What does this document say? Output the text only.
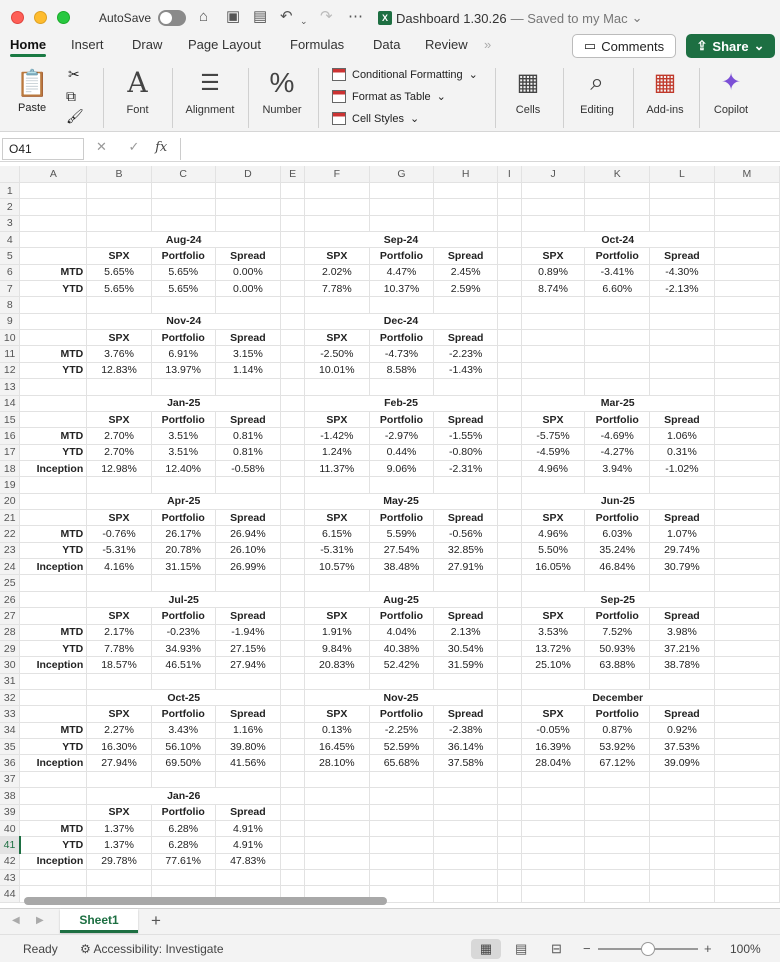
AutoSave	⌂ ▣ ▤ ↶ ⌄ ↷ ⋯	X Dashboard 1.30.26 — Saved to my Mac ⌄
Home Insert Draw Page Layout Formulas Data Review »	▭ Comments ⇪ Share ⌄
📋 ✂
⧉
🖌
Paste
A
Font
☰
Alignment
%
Number
Conditional Formatting ⌄
Format as Table ⌄
Cell Styles ⌄
▦
Cells
⌕
Editing
▦
Add-ins
✦
Copilot
O41	✕ ✓ fx
	A	B	C	D	E	F	G	H	I	J	K	L	M
1													
2													
3													
4		Aug-24				Sep-24				Oct-24			
5		SPX	Portfolio	Spread		SPX	Portfolio	Spread		SPX	Portfolio	Spread	
6	MTD	5.65%	5.65%	0.00%		2.02%	4.47%	2.45%		0.89%	-3.41%	-4.30%	
7	YTD	5.65%	5.65%	0.00%		7.78%	10.37%	2.59%		8.74%	6.60%	-2.13%	
8													
9		Nov-24				Dec-24							
10		SPX	Portfolio	Spread		SPX	Portfolio	Spread					
11	MTD	3.76%	6.91%	3.15%		-2.50%	-4.73%	-2.23%					
12	YTD	12.83%	13.97%	1.14%		10.01%	8.58%	-1.43%					
13													
14		Jan-25				Feb-25				Mar-25			
15		SPX	Portfolio	Spread		SPX	Portfolio	Spread		SPX	Portfolio	Spread	
16	MTD	2.70%	3.51%	0.81%		-1.42%	-2.97%	-1.55%		-5.75%	-4.69%	1.06%	
17	YTD	2.70%	3.51%	0.81%		1.24%	0.44%	-0.80%		-4.59%	-4.27%	0.31%	
18	Inception	12.98%	12.40%	-0.58%		11.37%	9.06%	-2.31%		4.96%	3.94%	-1.02%	
19													
20		Apr-25				May-25				Jun-25			
21		SPX	Portfolio	Spread		SPX	Portfolio	Spread		SPX	Portfolio	Spread	
22	MTD	-0.76%	26.17%	26.94%		6.15%	5.59%	-0.56%		4.96%	6.03%	1.07%	
23	YTD	-5.31%	20.78%	26.10%		-5.31%	27.54%	32.85%		5.50%	35.24%	29.74%	
24	Inception	4.16%	31.15%	26.99%		10.57%	38.48%	27.91%		16.05%	46.84%	30.79%	
25													
26		Jul-25				Aug-25				Sep-25			
27		SPX	Portfolio	Spread		SPX	Portfolio	Spread		SPX	Portfolio	Spread	
28	MTD	2.17%	-0.23%	-1.94%		1.91%	4.04%	2.13%		3.53%	7.52%	3.98%	
29	YTD	7.78%	34.93%	27.15%		9.84%	40.38%	30.54%		13.72%	50.93%	37.21%	
30	Inception	18.57%	46.51%	27.94%		20.83%	52.42%	31.59%		25.10%	63.88%	38.78%	
31													
32		Oct-25				Nov-25				December			
33		SPX	Portfolio	Spread		SPX	Portfolio	Spread		SPX	Portfolio	Spread	
34	MTD	2.27%	3.43%	1.16%		0.13%	-2.25%	-2.38%		-0.05%	0.87%	0.92%	
35	YTD	16.30%	56.10%	39.80%		16.45%	52.59%	36.14%		16.39%	53.92%	37.53%	
36	Inception	27.94%	69.50%	41.56%		28.10%	65.68%	37.58%		28.04%	67.12%	39.09%	
37													
38		Jan-26											
39		SPX	Portfolio	Spread									
40	MTD	1.37%	6.28%	4.91%									
41	YTD	1.37%	6.28%	4.91%									
42	Inception	29.78%	77.61%	47.83%									
43													
44													
◀ ▶	Sheet1	+
Ready ⚙ Accessibility: Investigate	▦	▤ ⊟ −	+ 100%
